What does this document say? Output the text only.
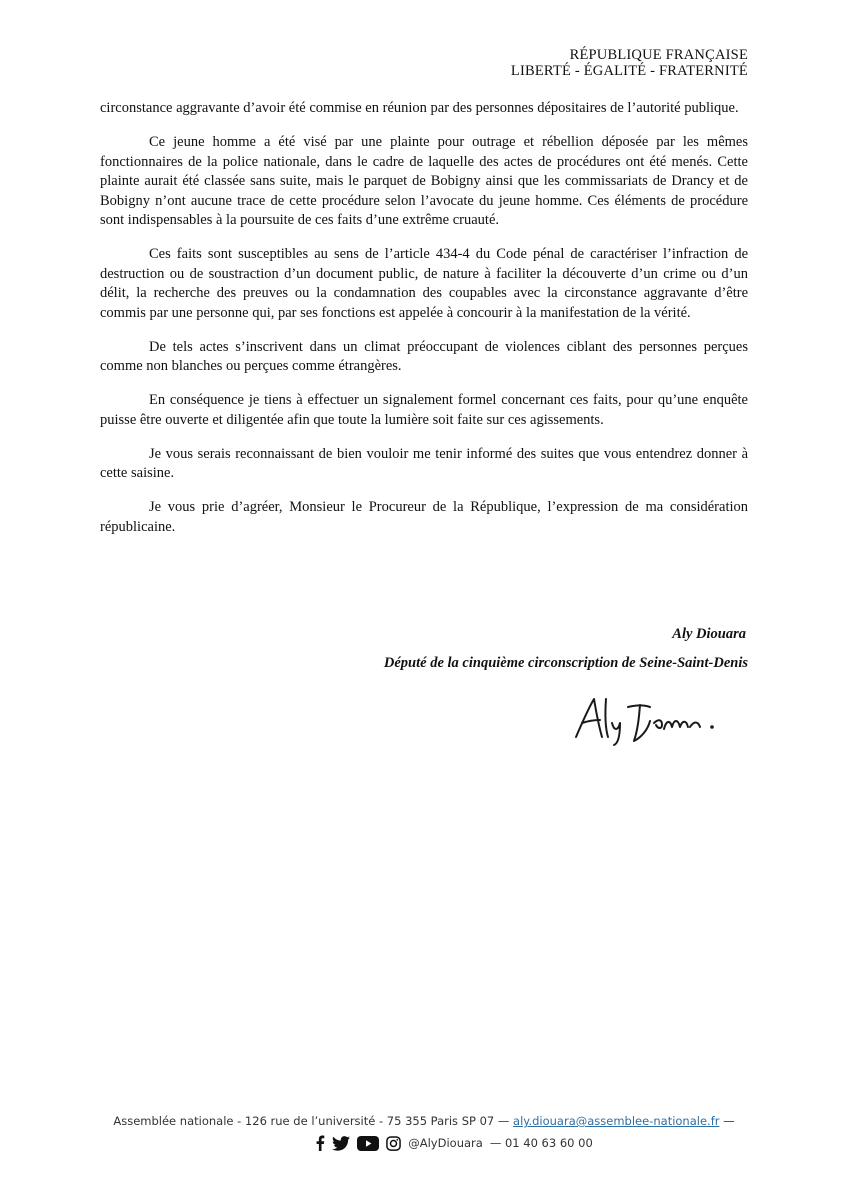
RÉPUBLIQUE FRANÇAISE
LIBERTÉ - ÉGALITÉ - FRATERNITÉ

circonstance aggravante d’avoir été commise en réunion par des personnes dépositaires de l’autorité publique.

Ce jeune homme a été visé par une plainte pour outrage et rébellion déposée par les mêmes fonctionnaires de la police nationale, dans le cadre de laquelle des actes de procédures ont été menés. Cette plainte aurait été classée sans suite, mais le parquet de Bobigny ainsi que les commissariats de Drancy et de Bobigny n’ont aucune trace de cette procédure selon l’avocate du jeune homme. Ces éléments de procédure sont indispensables à la poursuite de ces faits d’une extrême cruauté.

Ces faits sont susceptibles au sens de l’article 434-4 du Code pénal de caractériser l’infraction de destruction ou de soustraction d’un document public, de nature à faciliter la découverte d’un crime ou d’un délit, la recherche des preuves ou la condamnation des coupables avec la circonstance aggravante d’être commis par une personne qui, par ses fonctions est appelée à concourir à la manifestation de la vérité.

De tels actes s’inscrivent dans un climat préoccupant de violences ciblant des personnes perçues comme non blanches ou perçues comme étrangères.

En conséquence je tiens à effectuer un signalement formel concernant ces faits, pour qu’une enquête puisse être ouverte et diligentée afin que toute la lumière soit faite sur ces agissements.

Je vous serais reconnaissant de bien vouloir me tenir informé des suites que vous entendrez donner à cette saisine.

Je vous prie d’agréer, Monsieur le Procureur de la République, l’expression de ma considération républicaine.

Aly Diouara
Député de la cinquième circonscription de Seine-Saint-Denis
Assemblée nationale - 126 rue de l’université - 75 355 Paris SP 07 — aly.diouara@assemblee-nationale.fr —
@AlyDiouara — 01 40 63 60 00
